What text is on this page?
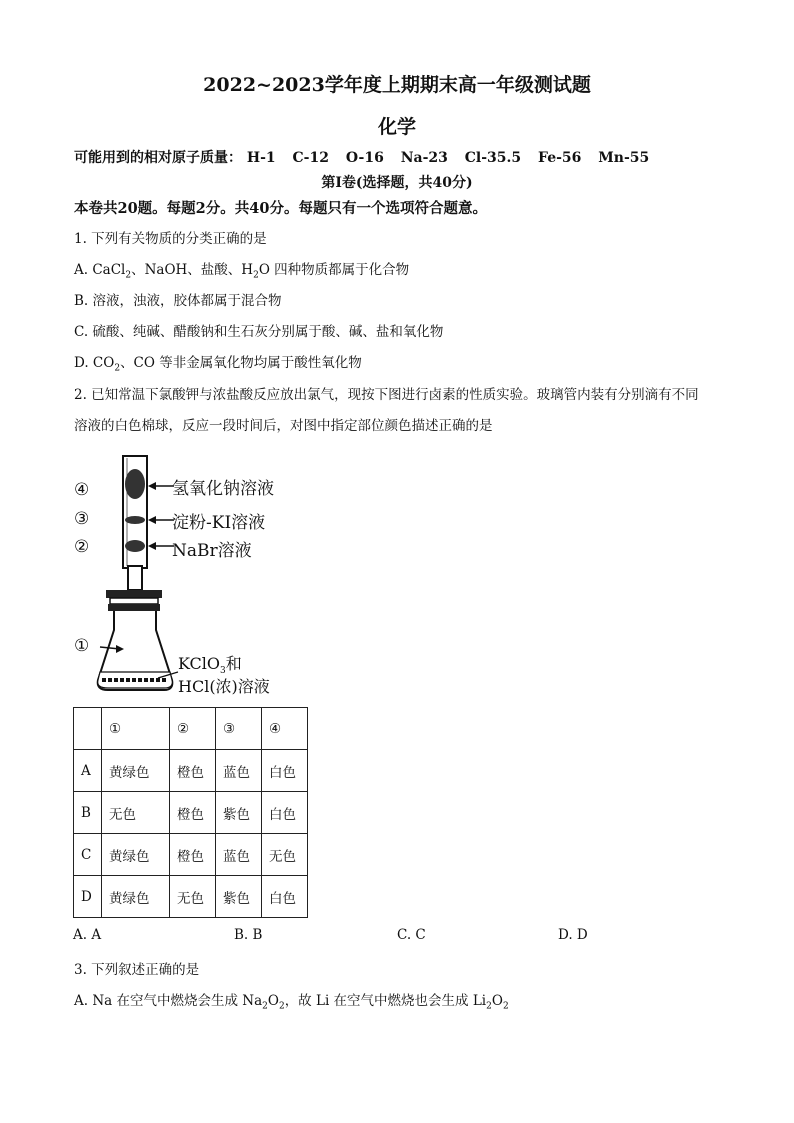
2022~2023学年度上期期末高一年级测试题
化学
可能用到的相对原子质量： H-1 C-12 O-16 Na-23 Cl-35.5 Fe-56 Mn-55
第Ⅰ卷(选择题，共40分)
本卷共20题。每题2分。共40分。每题只有一个选项符合题意。
1. 下列有关物质的分类正确的是
A. CaCl$_2$、NaOH、盐酸、$H_2O$ 四种物质都属于化合物
B. 溶液，浊液，胶体都属于混合物
C. 硫酸、纯碱、醋酸钠和生石灰分别属于酸、碱、盐和氧化物
D. $CO_2$、CO 等非金属氧化物均属于酸性氧化物
2. 已知常温下氯酸钾与浓盐酸反应放出氯气，现按下图进行卤素的性质实验。玻璃管内装有分别滴有不同
溶液的白色棉球，反应一段时间后，对图中指定部位颜色描述正确的是
④
③
②
①
氢氧化钠溶液
淀粉-KI溶液
NaBr溶液
KClO$_3$和
HCl(浓)溶液
	①	②	③	④
A	黄绿色	橙色	蓝色	白色
B	无色	橙色	紫色	白色
C	黄绿色	橙色	蓝色	无色
D	黄绿色	无色	紫色	白色
A. A	B. B	C. C	D. D
3. 下列叙述正确的是
A. Na 在空气中燃烧会生成 $Na_2O_2$，故 Li 在空气中燃烧也会生成 $Li_2O_2$
